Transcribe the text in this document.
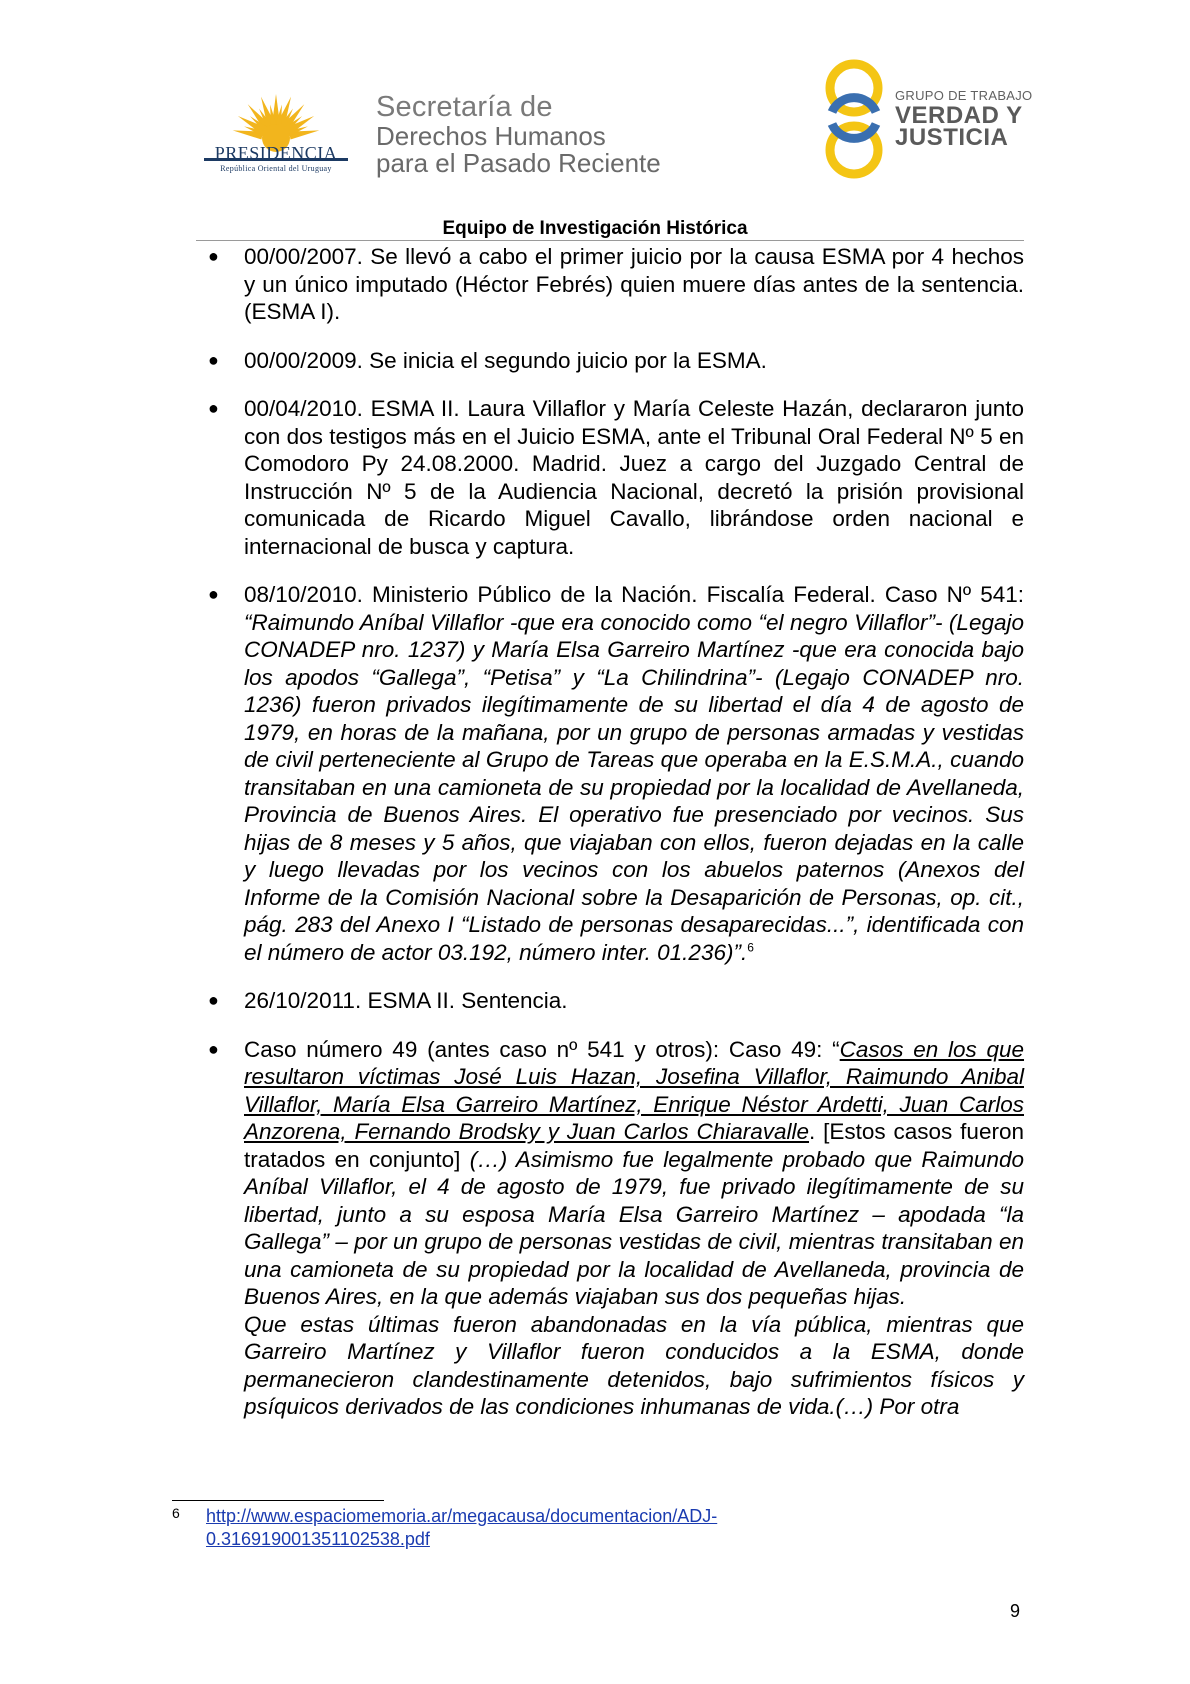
PRESIDENCIA
República Oriental del Uruguay
Secretaría de
Derechos Humanos
para el Pasado Reciente
GRUPO DE TRABAJO
VERDAD Y
JUSTICIA
Equipo de Investigación Histórica
● 00/00/2007. Se llevó a cabo el primer juicio por la causa ESMA por 4 hechos y un único imputado (Héctor Febrés) quien muere días antes de la sentencia. (ESMA I).
● 00/00/2009. Se inicia el segundo juicio por la ESMA.
● 00/04/2010. ESMA II. Laura Villaflor y María Celeste Hazán, declararon junto con dos testigos más en el Juicio ESMA, ante el Tribunal Oral Federal Nº 5 en Comodoro Py 24.08.2000. Madrid. Juez a cargo del Juzgado Central de Instrucción Nº 5 de la Audiencia Nacional, decretó la prisión provisional comunicada de Ricardo Miguel Cavallo, librándose orden nacional e internacional de busca y captura.
● 08/10/2010. Ministerio Público de la Nación. Fiscalía Federal. Caso Nº 541: “Raimundo Aníbal Villaflor -que era conocido como “el negro Villaflor”- (Legajo CONADEP nro. 1237) y María Elsa Garreiro Martínez -que era conocida bajo los apodos “Gallega”, “Petisa” y “La Chilindrina”- (Legajo CONADEP nro. 1236) fueron privados ilegítimamente de su libertad el día 4 de agosto de 1979, en horas de la mañana, por un grupo de personas armadas y vestidas de civil perteneciente al Grupo de Tareas que operaba en la E.S.M.A., cuando transitaban en una camioneta de su propiedad por la localidad de Avellaneda, Provincia de Buenos Aires. El operativo fue presenciado por vecinos. Sus hijas de 8 meses y 5 años, que viajaban con ellos, fueron dejadas en la calle y luego llevadas por los vecinos con los abuelos paternos (Anexos del Informe de la Comisión Nacional sobre la Desaparición de Personas, op. cit., pág. 283 del Anexo I “Listado de personas desaparecidas...”, identificada con el número de actor 03.192, número inter. 01.236)”.$^6$
● 26/10/2011. ESMA II. Sentencia.
● Caso número 49 (antes caso nº 541 y otros): Caso 49: “Casos en los que resultaron víctimas José Luis Hazan, Josefina Villaflor, Raimundo Anibal Villaflor, María Elsa Garreiro Martínez, Enrique Néstor Ardetti, Juan Carlos Anzorena, Fernando Brodsky y Juan Carlos Chiaravalle. [Estos casos fueron tratados en conjunto] (…) Asimismo fue legalmente probado que Raimundo Aníbal Villaflor, el 4 de agosto de 1979, fue privado ilegítimamente de su libertad, junto a su esposa María Elsa Garreiro Martínez – apodada “la Gallega” – por un grupo de personas vestidas de civil, mientras transitaban en una camioneta de su propiedad por la localidad de Avellaneda, provincia de Buenos Aires, en la que además viajaban sus dos pequeñas hijas.
Que estas últimas fueron abandonadas en la vía pública, mientras que Garreiro Martínez y Villaflor fueron conducidos a la ESMA, donde permanecieron clandestinamente detenidos, bajo sufrimientos físicos y psíquicos derivados de las condiciones inhumanas de vida.(…) Por otra
6 http://www.espaciomemoria.ar/megacausa/documentacion/ADJ-0.316919001351102538.pdf
9
